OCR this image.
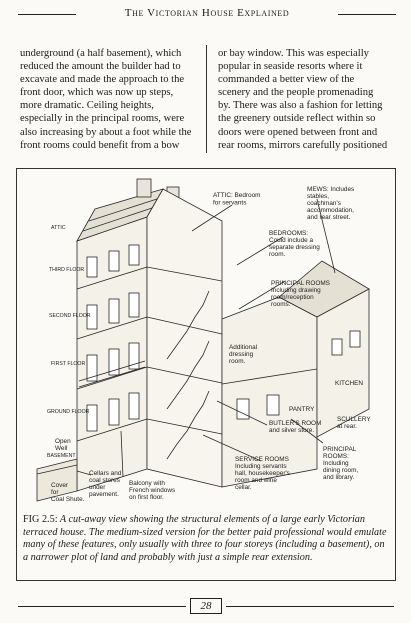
The Victorian House Explained
underground (a half basement), which
reduced the amount the builder had to
excavate and made the approach to the
front door, which was now up steps,
more dramatic. Ceiling heights,
especially in the principal rooms, were
also increasing by about a foot while the
front rooms could benefit from a bow
or bay window. This was especially
popular in seaside resorts where it
commanded a better view of the
scenery and the people promenading
by. There was also a fashion for letting
the greenery outside reflect within so
doors were opened between front and
rear rooms, mirrors carefully positioned
ATTIC
THIRD FLOOR
SECOND FLOOR
FIRST FLOOR
GROUND FLOOR
BASEMENT
ATTIC: Bedroom for servants
MEWS: Includes stables, coachman's accommodation, and rear street.
BEDROOMS: Could include a separate dressing room.
PRINCIPAL ROOMS Including drawing room/reception rooms.
Additional dressing room.
KITCHEN
PANTRY
SCULLERY at rear.
BUTLER'S ROOM and silver store.
SERVICE ROOMS Including servants hall, housekeeper's room and wine cellar.
PRINCIPAL ROOMS: Including dining room, and library.
Balcony with French windows on first floor.
Cellars and coal stores under pavement.
Cover for Coal Shute.
Open Well
FIG 2.5: A cut-away view showing the structural elements of a large early Victorian terraced house. The medium-sized version for the better paid professional would emulate many of these features, only usually with three to four storeys (including a basement), on a narrower plot of land and probably with just a simple rear extension.
28
